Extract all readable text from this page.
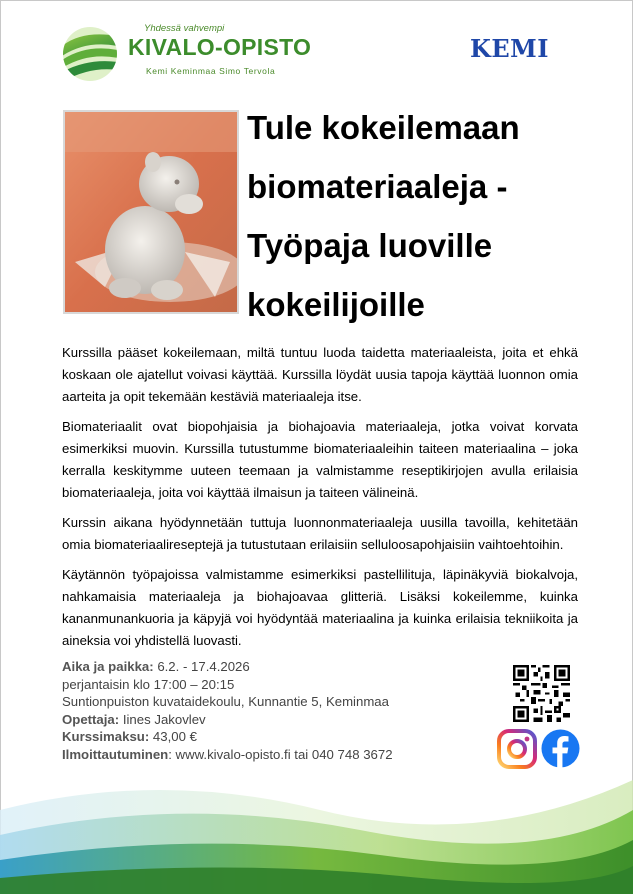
Yhdessä vahvempi
KIVALO-OPISTO
Kemi Keminmaa Simo Tervola
KEMI
Tule kokeilemaan
biomateriaaleja -
Työpaja luoville
kokeilijoille

Kurssilla pääset kokeilemaan, miltä tuntuu luoda taidetta materiaaleista, joita et ehkä koskaan ole ajatellut voivasi käyttää. Kurssilla löydät uusia tapoja käyttää luonnon omia aarteita ja opit tekemään kestäviä materiaaleja itse.

Biomateriaalit ovat biopohjaisia ja biohajoavia materiaaleja, jotka voivat korvata esimerkiksi muovin. Kurssilla tutustumme biomateriaaleihin taiteen materiaalina – joka kerralla keskitymme uuteen teemaan ja valmistamme reseptikirjojen avulla erilaisia biomateriaaleja, joita voi käyttää ilmaisun ja taiteen välineinä.

Kurssin aikana hyödynnetään tuttuja luonnonmateriaaleja uusilla tavoilla, kehitetään omia biomateriaalireseptejä ja tutustutaan erilaisiin selluloosapohjaisiin vaihtoehtoihin.

Käytännön työpajoissa valmistamme esimerkiksi pastellilituja, läpinäkyviä biokalvoja, nahkamaisia materiaaleja ja biohajoavaa glitteriä. Lisäksi kokeilemme, kuinka kananmunankuoria ja käpyjä voi hyödyntää materiaalina ja kuinka erilaisia tekniikoita ja aineksia voi yhdistellä luovasti.

Aika ja paikka: 6.2. - 17.4.2026
perjantaisin klo 17:00 – 20:15
Suntionpuiston kuvataidekoulu, Kunnantie 5, Keminmaa
Opettaja: Iines Jakovlev
Kurssimaksu: 43,00 €
Ilmoittautuminen: www.kivalo-opisto.fi tai 040 748 3672
